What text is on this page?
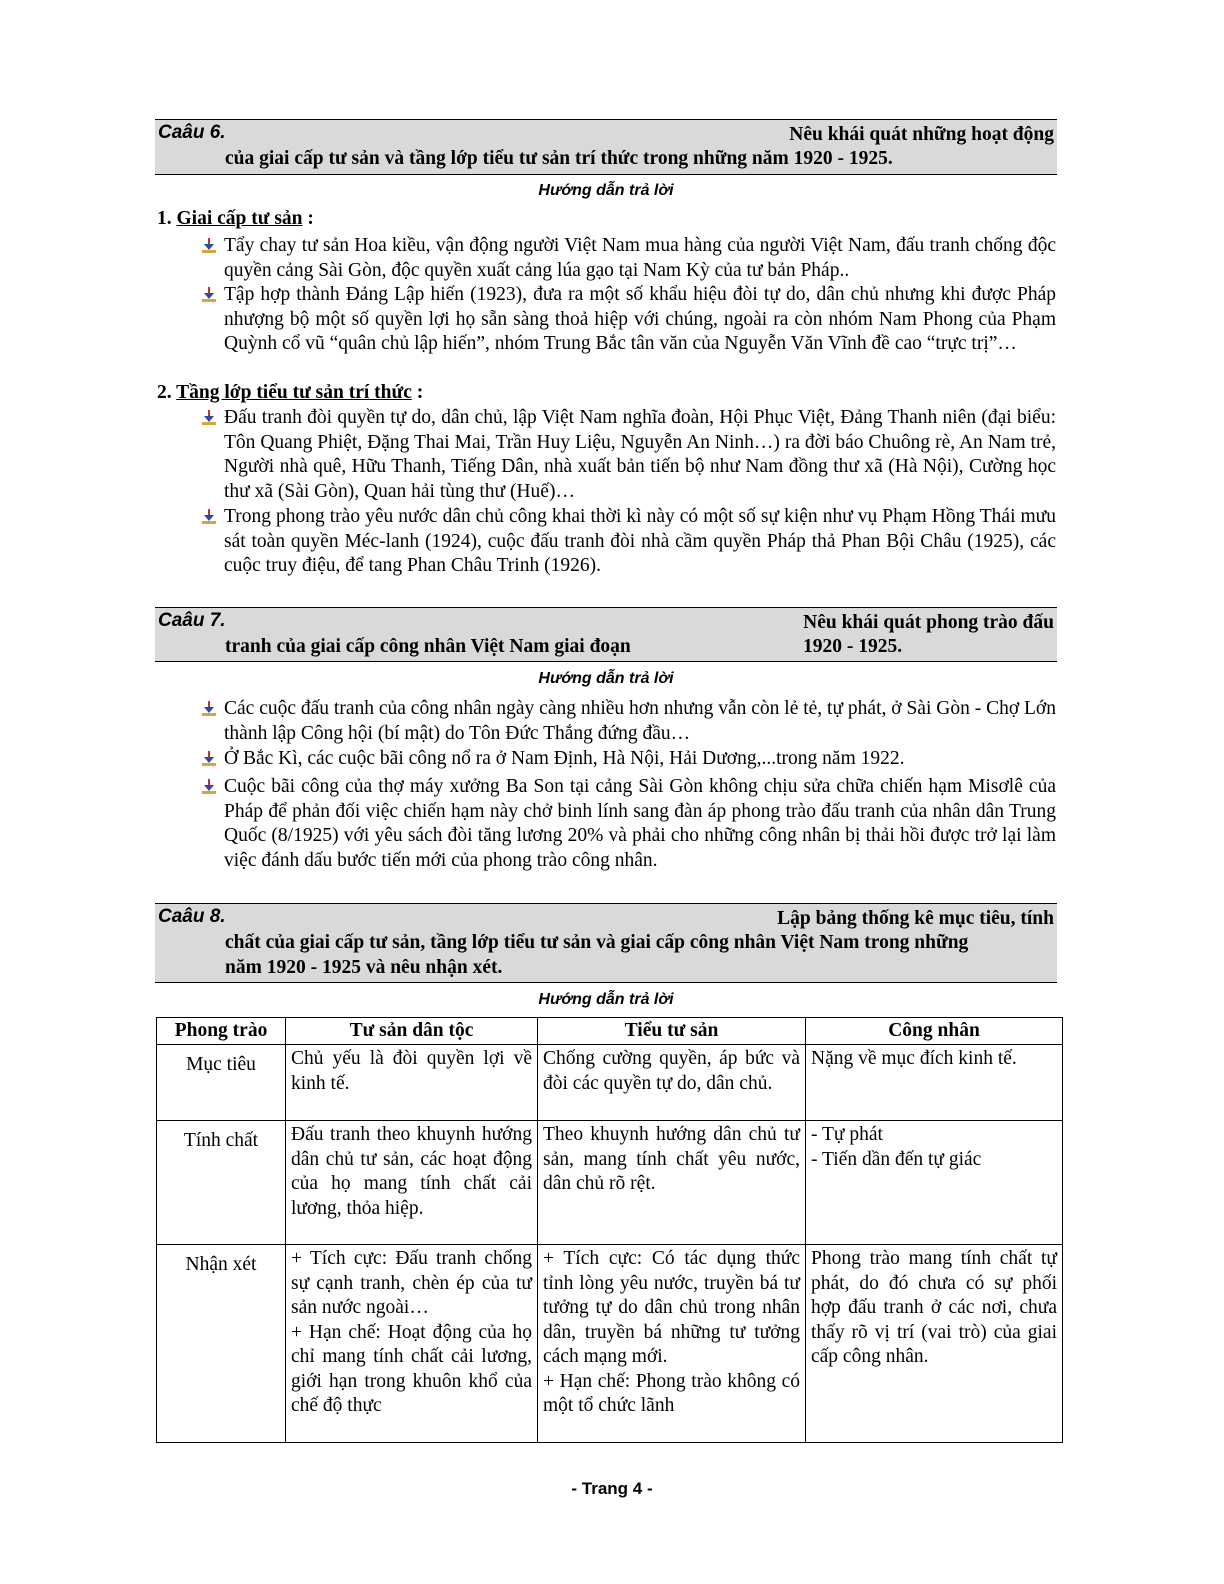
Caâu 6.	Nêu khái quát những hoạt động
của giai cấp tư sản và tầng lớp tiểu tư sản trí thức trong những năm 1920 - 1925.
Hướng dẫn trả lời
1. Giai cấp tư sản :
Tẩy chay tư sản Hoa kiều, vận động người Việt Nam mua hàng của người Việt Nam, đấu tranh chống độc quyền cảng Sài Gòn, độc quyền xuất cảng lúa gạo tại Nam Kỳ của tư bản Pháp..
Tập hợp thành Đảng Lập hiến (1923), đưa ra một số khẩu hiệu đòi tự do, dân chủ nhưng khi được Pháp nhượng bộ một số quyền lợi họ sẵn sàng thoả hiệp với chúng, ngoài ra còn nhóm Nam Phong của Phạm Quỳnh cổ vũ “quân chủ lập hiến”, nhóm Trung Bắc tân văn của Nguyễn Văn Vĩnh đề cao “trực trị”…
2. Tầng lớp tiểu tư sản trí thức :
Đấu tranh đòi quyền tự do, dân chủ, lập Việt Nam nghĩa đoàn, Hội Phục Việt, Đảng Thanh niên (đại biểu: Tôn Quang Phiệt, Đặng Thai Mai, Trần Huy Liệu, Nguyễn An Ninh…) ra đời báo Chuông rè, An Nam trẻ, Người nhà quê, Hữu Thanh, Tiếng Dân, nhà xuất bản tiến bộ như Nam đồng thư xã (Hà Nội), Cường học thư xã (Sài Gòn), Quan hải tùng thư (Huế)…
Trong phong trào yêu nước dân chủ công khai thời kì này có một số sự kiện như vụ Phạm Hồng Thái mưu sát toàn quyền Méc-lanh (1924), cuộc đấu tranh đòi nhà cầm quyền Pháp thả Phan Bội Châu (1925), các cuộc truy điệu, để tang Phan Châu Trinh (1926).
Caâu 7.	Nêu khái quát phong trào đấu
tranh của giai cấp công nhân Việt Nam giai đoạn	1920 - 1925.
Hướng dẫn trả lời
Các cuộc đấu tranh của công nhân ngày càng nhiều hơn nhưng vẫn còn lẻ tẻ, tự phát, ở Sài Gòn - Chợ Lớn thành lập Công hội (bí mật) do Tôn Đức Thắng đứng đầu…
Ở Bắc Kì, các cuộc bãi công nổ ra ở Nam Định, Hà Nội, Hải Dương,...trong năm 1922.
Cuộc bãi công của thợ máy xưởng Ba Son tại cảng Sài Gòn không chịu sửa chữa chiến hạm Misơlê của Pháp để phản đối việc chiến hạm này chở binh lính sang đàn áp phong trào đấu tranh của nhân dân Trung Quốc (8/1925) với yêu sách đòi tăng lương 20% và phải cho những công nhân bị thải hồi được trở lại làm việc đánh dấu bước tiến mới của phong trào công nhân.
Caâu 8.	Lập bảng thống kê mục tiêu, tính
chất của giai cấp tư sản, tầng lớp tiểu tư sản và giai cấp công nhân Việt Nam trong những
năm 1920 - 1925 và nêu nhận xét.
Hướng dẫn trả lời
Phong trào	Tư sản dân tộc	Tiểu tư sản	Công nhân
Mục tiêu	Chủ yếu là đòi quyền lợi về kinh tế.	Chống cường quyền, áp bức và đòi các quyền tự do, dân chủ.	Nặng về mục đích kinh tế.
Tính chất	Đấu tranh theo khuynh hướng dân chủ tư sản, các hoạt động của họ mang tính chất cải lương, thỏa hiệp.	Theo khuynh hướng dân chủ tư sản, mang tính chất yêu nước, dân chủ rõ rệt.	- Tự phát
- Tiến dần đến tự giác

Nhận xét	+ Tích cực: Đấu tranh chống sự cạnh tranh, chèn ép của tư sản nước ngoài…
+ Hạn chế: Hoạt động của họ chỉ mang tính chất cải lương, giới hạn trong khuôn khổ của chế độ thực	+ Tích cực: Có tác dụng thức tỉnh lòng yêu nước, truyền bá tư tưởng tự do dân chủ trong nhân dân, truyền bá những tư tưởng cách mạng mới.
+ Hạn chế: Phong trào không có một tổ chức lãnh	Phong trào mang tính chất tự phát, do đó chưa có sự phối hợp đấu tranh ở các nơi, chưa thấy rõ vị trí (vai trò) của giai cấp công nhân.
- Trang 4 -
